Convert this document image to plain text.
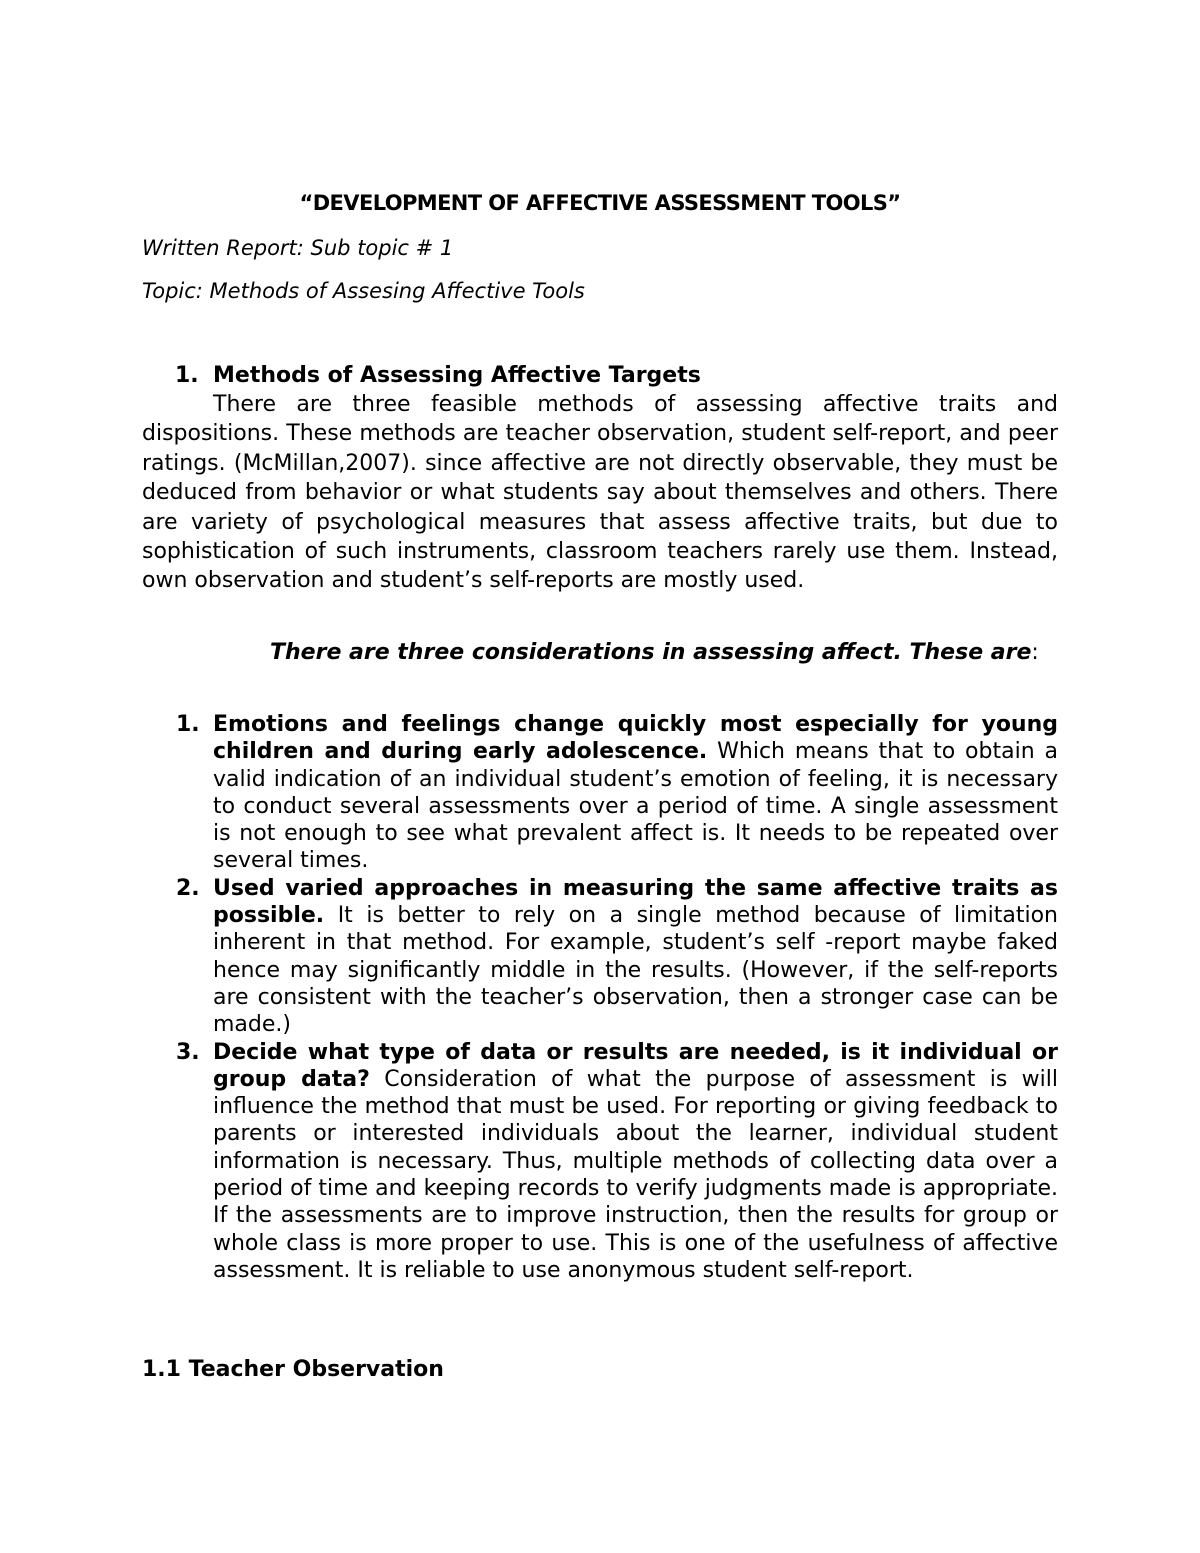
“DEVELOPMENT OF AFFECTIVE ASSESSMENT TOOLS”
Written Report: Sub topic # 1
Topic: Methods of Assesing Affective Tools
1. Methods of Assessing Affective Targets
There are three feasible methods of assessing affective traits and dispositions. These methods are teacher observation, student self-report, and peer ratings. (McMillan,2007). since affective are not directly observable, they must be deduced from behavior or what students say about themselves and others. There are variety of psychological measures that assess affective traits, but due to sophistication of such instruments, classroom teachers rarely use them. Instead, own observation and student’s self-reports are mostly used.
There are three considerations in assessing affect. These are:
1. Emotions and feelings change quickly most especially for young children and during early adolescence. Which means that to obtain a valid indication of an individual student’s emotion of feeling, it is necessary to conduct several assessments over a period of time. A single assessment is not enough to see what prevalent affect is. It needs to be repeated over several times.
2. Used varied approaches in measuring the same affective traits as possible. It is better to rely on a single method because of limitation inherent in that method. For example, student’s self -report maybe faked hence may significantly middle in the results. (However, if the self-reports are consistent with the teacher’s observation, then a stronger case can be made.)
3. Decide what type of data or results are needed, is it individual or group data? Consideration of what the purpose of assessment is will influence the method that must be used. For reporting or giving feedback to parents or interested individuals about the learner, individual student information is necessary. Thus, multiple methods of collecting data over a period of time and keeping records to verify judgments made is appropriate. If the assessments are to improve instruction, then the results for group or whole class is more proper to use. This is one of the usefulness of affective assessment. It is reliable to use anonymous student self-report.
1.1 Teacher Observation
